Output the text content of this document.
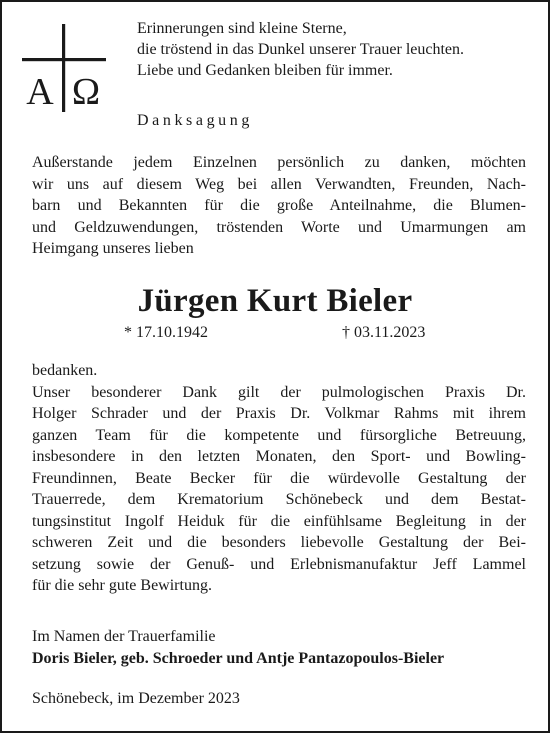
A Ω
Erinnerungen sind kleine Sterne,
die tröstend in das Dunkel unserer Trauer leuchten.
Liebe und Gedanken bleiben für immer.
Danksagung
Außerstande jedem Einzelnen persönlich zu danken, möchten
wir uns auf diesem Weg bei allen Verwandten, Freunden, Nach-
barn und Bekannten für die große Anteilnahme, die Blumen-
und Geldzuwendungen, tröstenden Worte und Umarmungen am
Heimgang unseres lieben
Jürgen Kurt Bieler
* 17.10.1942	† 03.11.2023
bedanken.
Unser besonderer Dank gilt der pulmologischen Praxis Dr.
Holger Schrader und der Praxis Dr. Volkmar Rahms mit ihrem
ganzen Team für die kompetente und fürsorgliche Betreuung,
insbesondere in den letzten Monaten, den Sport- und Bowling-
Freundinnen, Beate Becker für die würdevolle Gestaltung der
Trauerrede, dem Krematorium Schönebeck und dem Bestat-
tungsinstitut Ingolf Heiduk für die einfühlsame Begleitung in der
schweren Zeit und die besonders liebevolle Gestaltung der Bei-
setzung sowie der Genuß- und Erlebnismanufaktur Jeff Lammel
für die sehr gute Bewirtung.
Im Namen der Trauerfamilie
Doris Bieler, geb. Schroeder und Antje Pantazopoulos-Bieler
Schönebeck, im Dezember 2023
